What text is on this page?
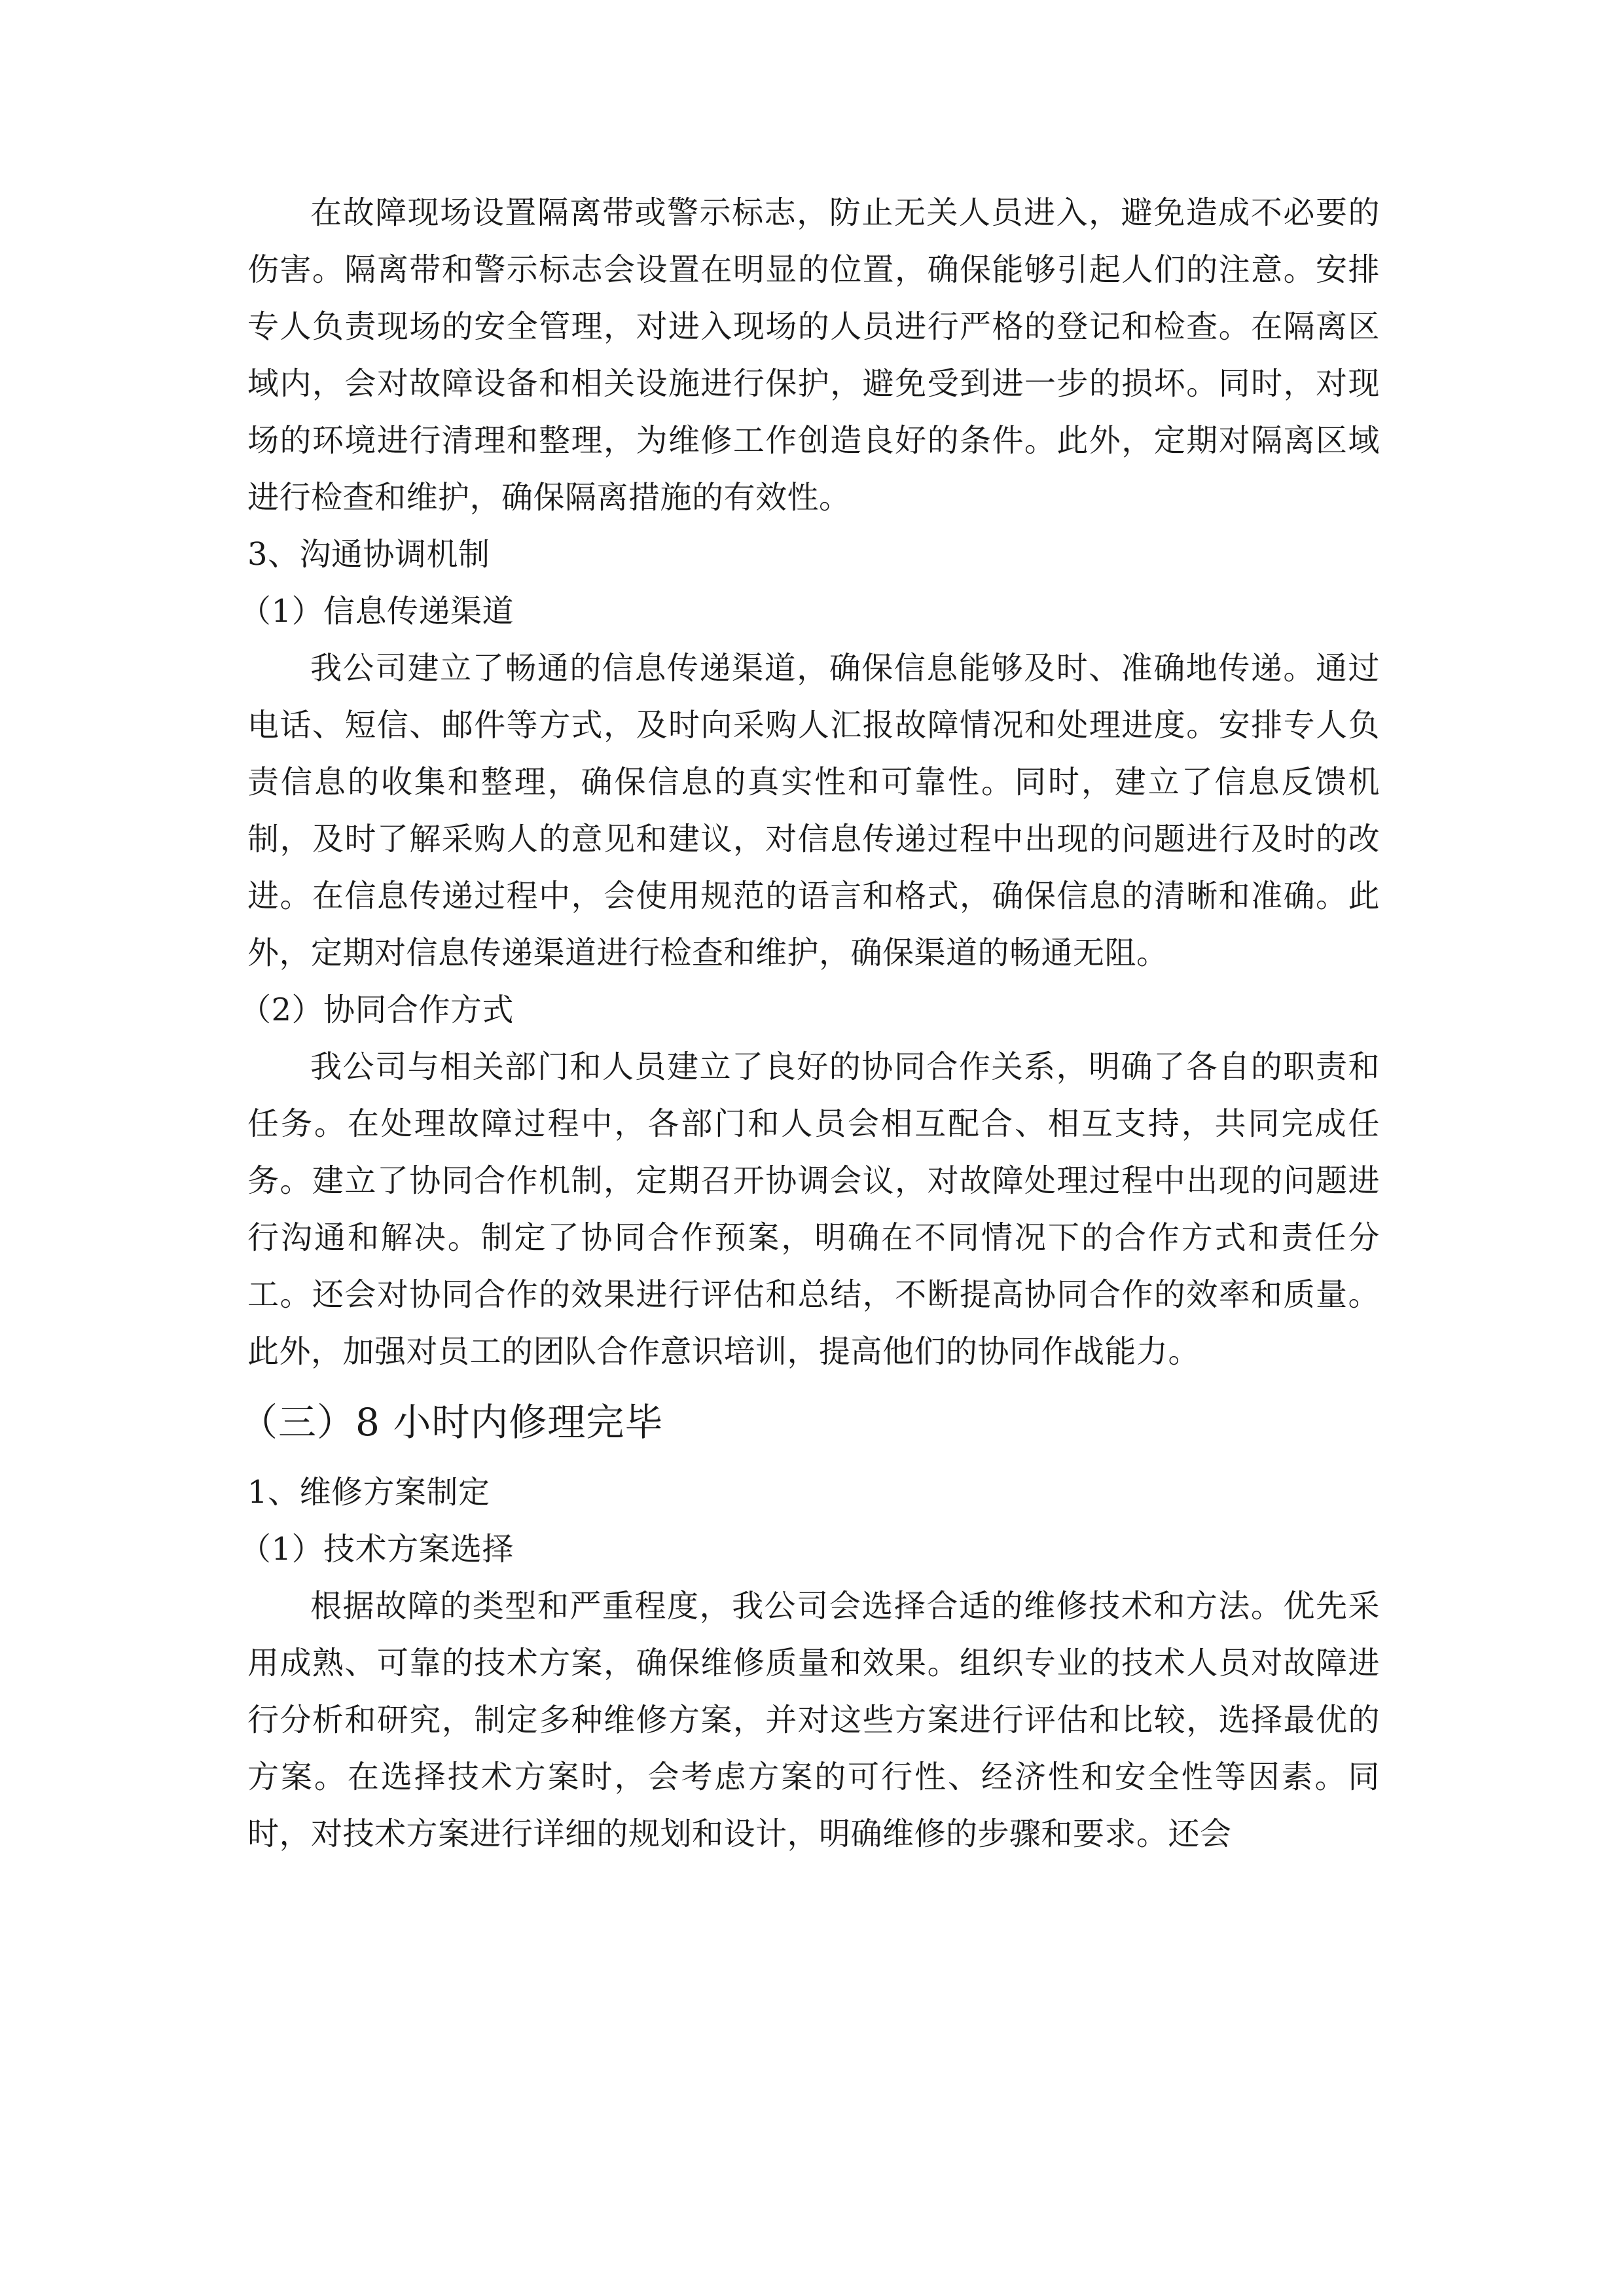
在故障现场设置隔离带或警示标志，防止无关人员进入，避免造成不必要的伤害。隔离带和警示标志会设置在明显的位置，确保能够引起人们的注意。安排专人负责现场的安全管理，对进入现场的人员进行严格的登记和检查。在隔离区域内，会对故障设备和相关设施进行保护，避免受到进一步的损坏。同时，对现场的环境进行清理和整理，为维修工作创造良好的条件。此外，定期对隔离区域进行检查和维护，确保隔离措施的有效性。

3、沟通协调机制

（1）信息传递渠道

我公司建立了畅通的信息传递渠道，确保信息能够及时、准确地传递。通过电话、短信、邮件等方式，及时向采购人汇报故障情况和处理进度。安排专人负责信息的收集和整理，确保信息的真实性和可靠性。同时，建立了信息反馈机制，及时了解采购人的意见和建议，对信息传递过程中出现的问题进行及时的改进。在信息传递过程中，会使用规范的语言和格式，确保信息的清晰和准确。此外，定期对信息传递渠道进行检查和维护，确保渠道的畅通无阻。

（2）协同合作方式

我公司与相关部门和人员建立了良好的协同合作关系，明确了各自的职责和任务。在处理故障过程中，各部门和人员会相互配合、相互支持，共同完成任务。建立了协同合作机制，定期召开协调会议，对故障处理过程中出现的问题进行沟通和解决。制定了协同合作预案，明确在不同情况下的合作方式和责任分工。还会对协同合作的效果进行评估和总结，不断提高协同合作的效率和质量。此外，加强对员工的团队合作意识培训，提高他们的协同作战能力。

（三）8 小时内修理完毕

1、维修方案制定

（1）技术方案选择

根据故障的类型和严重程度，我公司会选择合适的维修技术和方法。优先采用成熟、可靠的技术方案，确保维修质量和效果。组织专业的技术人员对故障进行分析和研究，制定多种维修方案，并对这些方案进行评估和比较，选择最优的方案。在选择技术方案时，会考虑方案的可行性、经济性和安全性等因素。同时，对技术方案进行详细的规划和设计，明确维修的步骤和要求。还会
